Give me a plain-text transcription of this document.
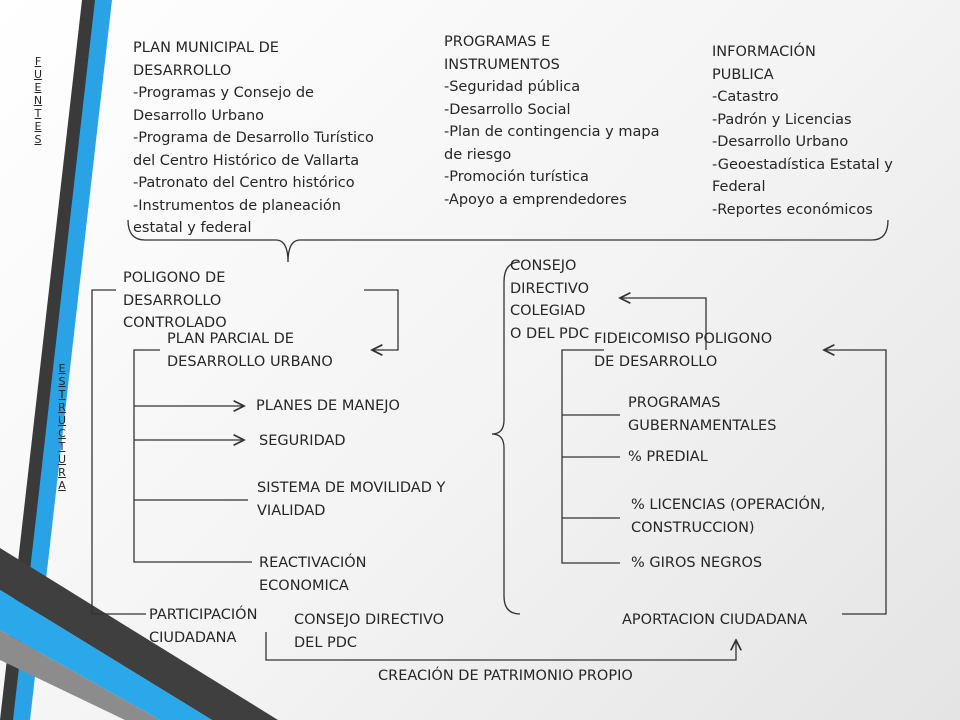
F
U
E
N
T
E
S
E
S
T
R
U
C
T
U
R
A
PLAN MUNICIPAL DE
DESARROLLO
-Programas y Consejo de
Desarrollo Urbano
-Programa de Desarrollo Turístico
del Centro Histórico de Vallarta
-Patronato del Centro histórico
-Instrumentos de planeación
estatal y federal
PROGRAMAS E
INSTRUMENTOS
-Seguridad pública
-Desarrollo Social
-Plan de contingencia y mapa
de riesgo
-Promoción turística
-Apoyo a emprendedores
INFORMACIÓN
PUBLICA
-Catastro
-Padrón y Licencias
-Desarrollo Urbano
-Geoestadística Estatal y
Federal
-Reportes económicos
POLIGONO DE
DESARROLLO
CONTROLADO
PLAN PARCIAL DE
DESARROLLO URBANO
PLANES DE MANEJO
SEGURIDAD
SISTEMA DE MOVILIDAD Y
VIALIDAD
REACTIVACIÓN
ECONOMICA
PARTICIPACIÓN
CIUDADANA
CONSEJO DIRECTIVO
DEL PDC
CONSEJO
DIRECTIVO
COLEGIAD
O DEL PDC FIDEICOMISO POLIGONO
DE DESARROLLO
PROGRAMAS
GUBERNAMENTALES
% PREDIAL
% LICENCIAS (OPERACIÓN,
CONSTRUCCION)
% GIROS NEGROS
APORTACION CIUDADANA
CREACIÓN DE PATRIMONIO PROPIO
